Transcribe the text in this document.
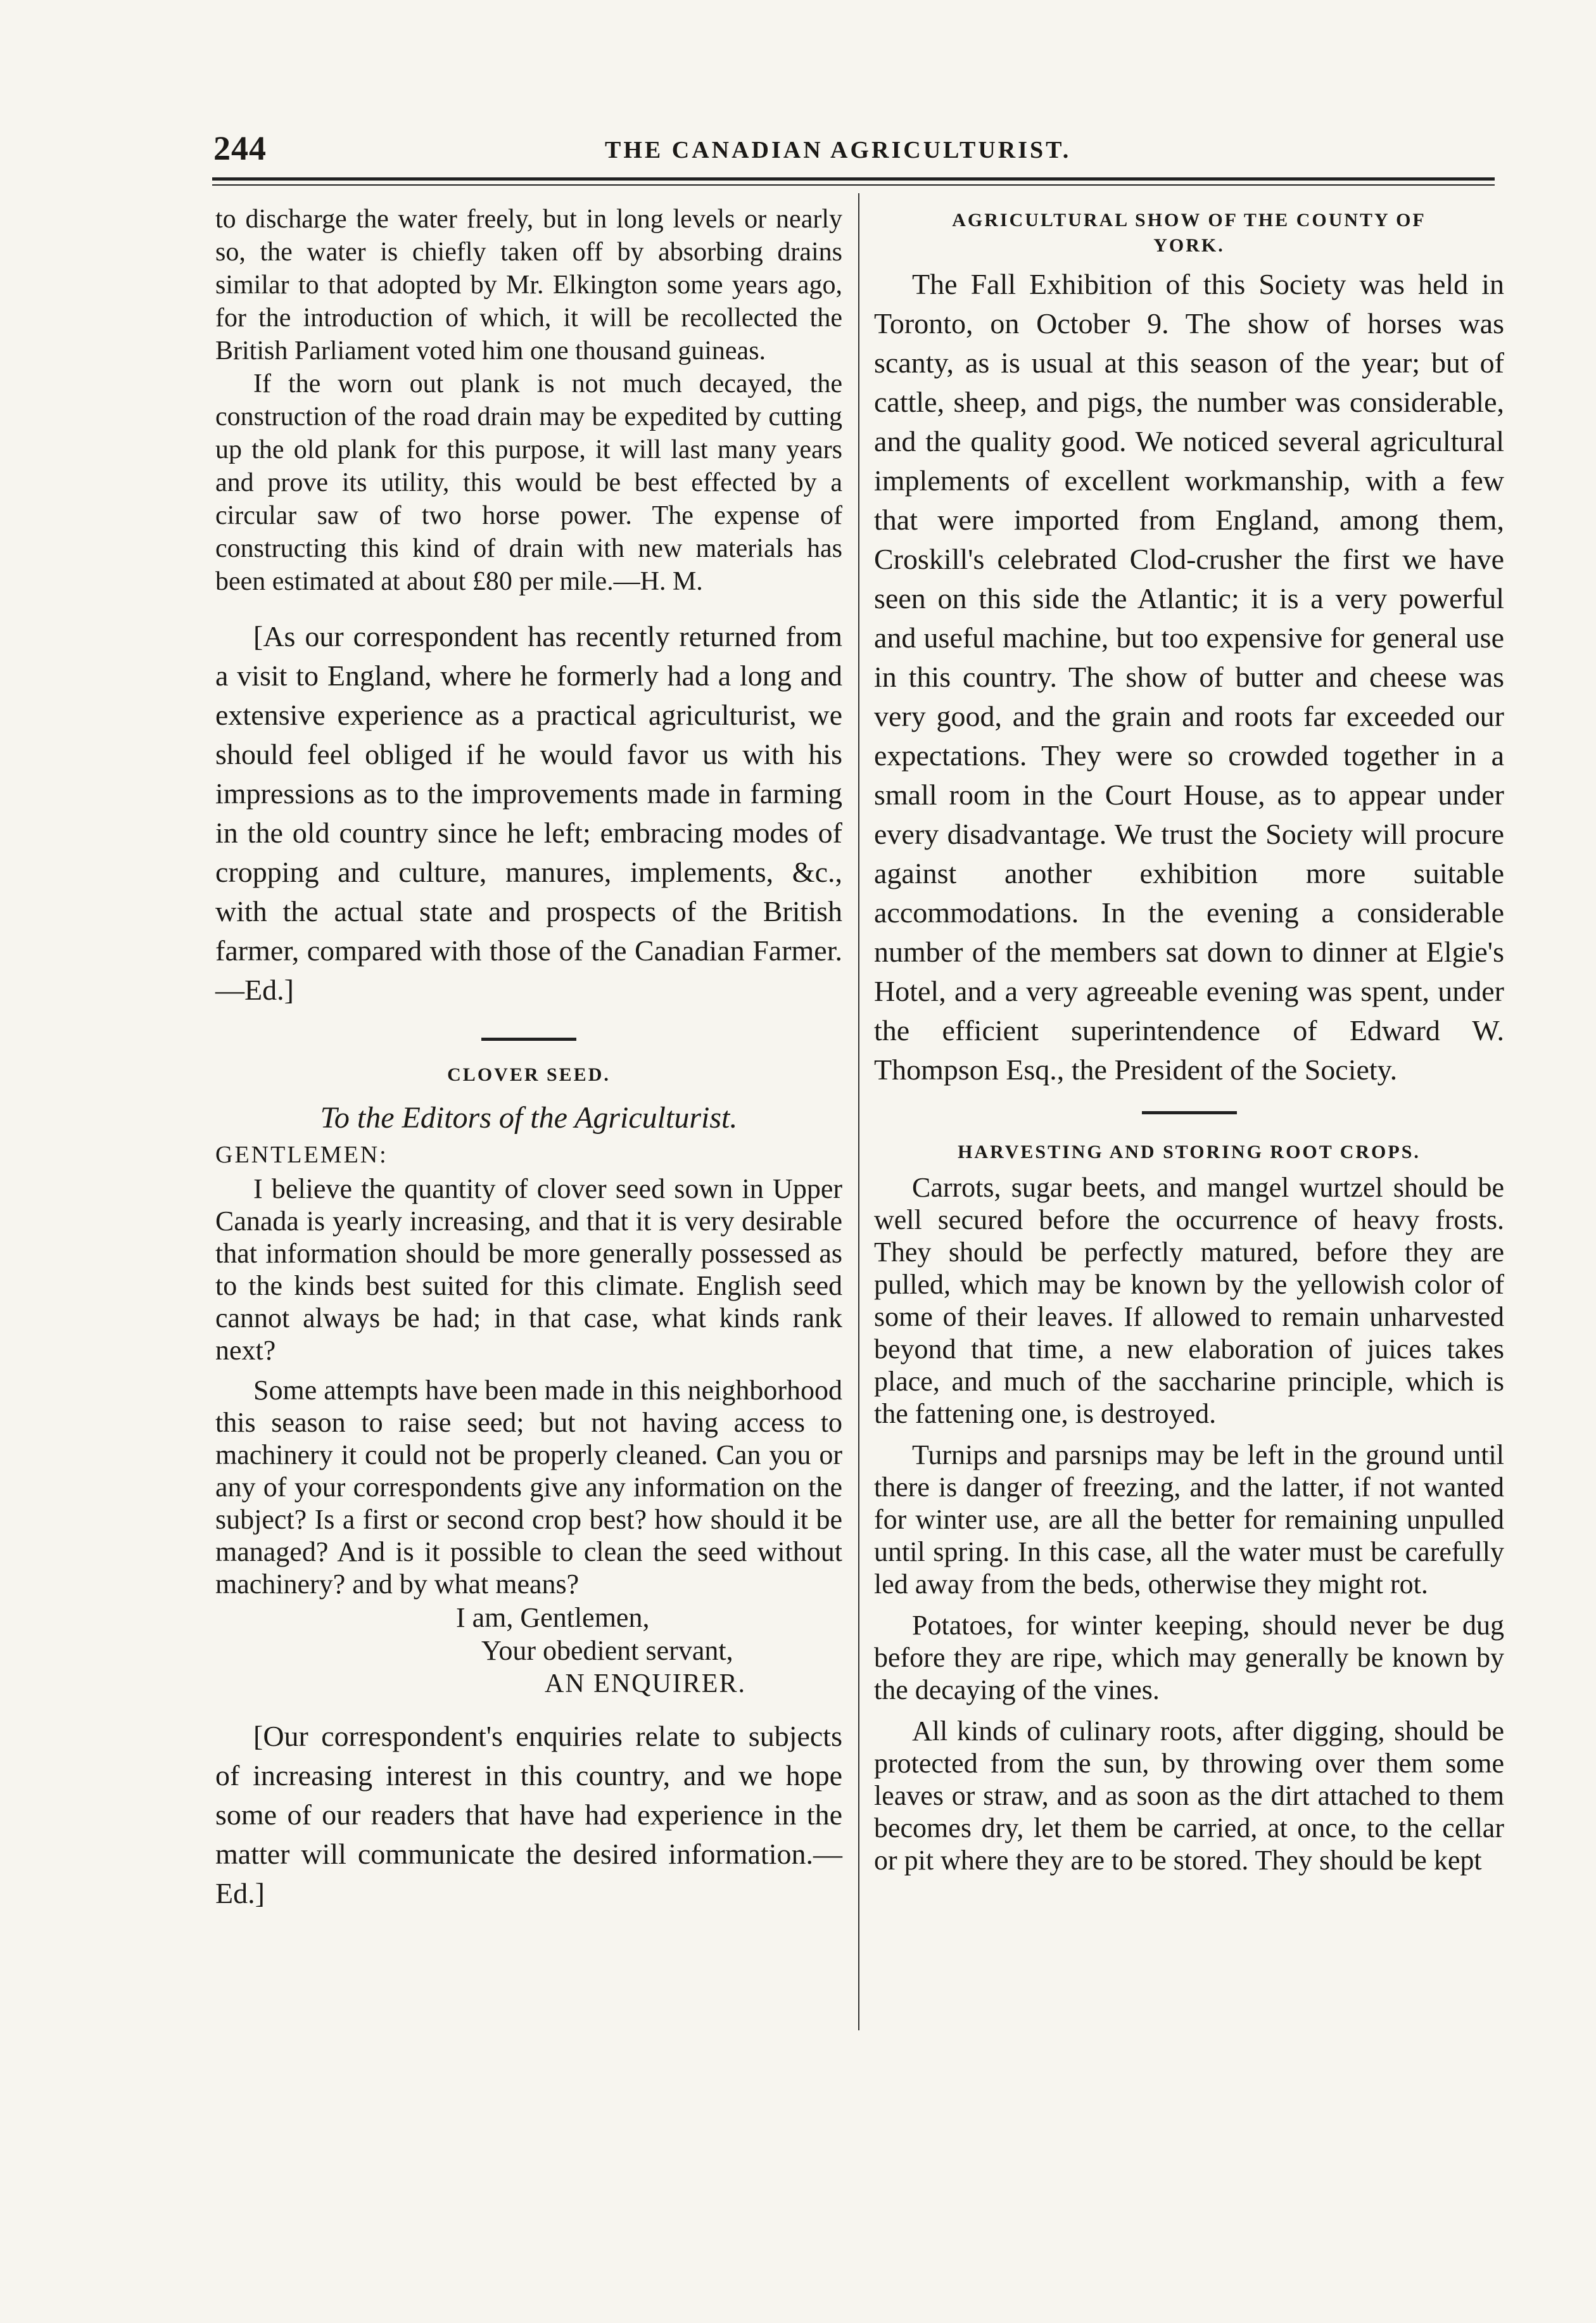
244	THE CANADIAN AGRICULTURIST.

to discharge the water freely, but in long levels or nearly so, the water is chiefly taken off by absorbing drains similar to that adopted by Mr. Elkington some years ago, for the introduction of which, it will be recollected the British Parliament voted him one thousand guineas.

If the worn out plank is not much decayed, the construction of the road drain may be expedited by cutting up the old plank for this purpose, it will last many years and prove its utility, this would be best effected by a circular saw of two horse power. The expense of constructing this kind of drain with new materials has been estimated at about £80 per mile.—H. M.

[As our correspondent has recently returned from a visit to England, where he formerly had a long and extensive experience as a practical agriculturist, we should feel obliged if he would favor us with his impressions as to the improvements made in farming in the old country since he left; embracing modes of cropping and culture, manures, implements, &c., with the actual state and prospects of the British farmer, compared with those of the Canadian Farmer.—Ed.]

CLOVER SEED.
To the Editors of the Agriculturist.
GENTLEMEN:

I believe the quantity of clover seed sown in Upper Canada is yearly increasing, and that it is very desirable that information should be more generally possessed as to the kinds best suited for this climate. English seed cannot always be had; in that case, what kinds rank next?

Some attempts have been made in this neighborhood this season to raise seed; but not having access to machinery it could not be properly cleaned. Can you or any of your correspondents give any information on the subject? Is a first or second crop best? how should it be managed? And is it possible to clean the seed without machinery? and by what means?

I am, Gentlemen,
Your obedient servant,
AN ENQUIRER.

[Our correspondent's enquiries relate to subjects of increasing interest in this country, and we hope some of our readers that have had experience in the matter will communicate the desired information.—Ed.]

AGRICULTURAL SHOW OF THE COUNTY OF
YORK.

The Fall Exhibition of this Society was held in Toronto, on October 9. The show of horses was scanty, as is usual at this season of the year; but of cattle, sheep, and pigs, the number was considerable, and the quality good. We noticed several agricultural implements of excellent workmanship, with a few that were imported from England, among them, Croskill's celebrated Clod-crusher the first we have seen on this side the Atlantic; it is a very powerful and useful machine, but too expensive for general use in this country. The show of butter and cheese was very good, and the grain and roots far exceeded our expectations. They were so crowded together in a small room in the Court House, as to appear under every disadvantage. We trust the Society will procure against another exhibition more suitable accommodations. In the evening a considerable number of the members sat down to dinner at Elgie's Hotel, and a very agreeable evening was spent, under the efficient superintendence of Edward W. Thompson Esq., the President of the Society.

HARVESTING AND STORING ROOT CROPS.

Carrots, sugar beets, and mangel wurtzel should be well secured before the occurrence of heavy frosts. They should be perfectly matured, before they are pulled, which may be known by the yellowish color of some of their leaves. If allowed to remain unharvested beyond that time, a new elaboration of juices takes place, and much of the saccharine principle, which is the fattening one, is destroyed.

Turnips and parsnips may be left in the ground until there is danger of freezing, and the latter, if not wanted for winter use, are all the better for remaining unpulled until spring. In this case, all the water must be carefully led away from the beds, otherwise they might rot.

Potatoes, for winter keeping, should never be dug before they are ripe, which may generally be known by the decaying of the vines.

All kinds of culinary roots, after digging, should be protected from the sun, by throwing over them some leaves or straw, and as soon as the dirt attached to them becomes dry, let them be carried, at once, to the cellar or pit where they are to be stored. They should be kept
